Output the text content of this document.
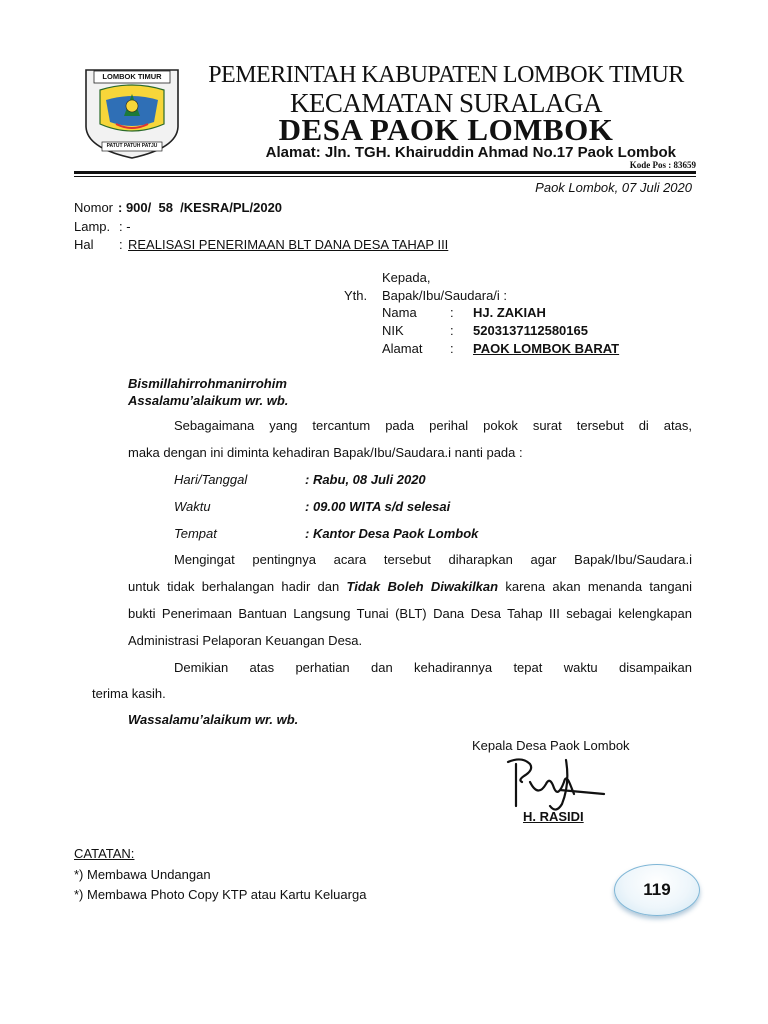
LOMBOK TIMUR
PATUT PATUH PATJU
PEMERINTAH KABUPATEN LOMBOK TIMUR
KECAMATAN SURALAGA
DESA PAOK LOMBOK
Alamat: Jln. TGH. Khairuddin Ahmad No.17 Paok Lombok
Kode Pos : 83659
Paok Lombok, 07 Juli 2020
Nomor : 900/  58  /KESRA/PL/2020
Lamp. : -
Hal : REALISASI PENERIMAAN BLT DANA DESA TAHAP III
Kepada,
Yth. Bapak/Ibu/Saudara/i :
Nama	: HJ. ZAKIAH
NIK	: 5203137112580165
Alamat : PAOK LOMBOK BARAT
Bismillahirrohmanirrohim
Assalamu’alaikum wr. wb.
Sebagaimana yang tercantum pada perihal pokok surat tersebut di atas,
maka dengan ini diminta kehadiran Bapak/Ibu/Saudara.i nanti pada :
Hari/Tanggal	: Rabu, 08 Juli 2020
Waktu	: 09.00 WITA s/d selesai
Tempat	: Kantor Desa Paok Lombok
Mengingat pentingnya acara tersebut diharapkan agar Bapak/Ibu/Saudara.i
untuk tidak berhalangan hadir dan Tidak Boleh Diwakilkan karena akan menanda tangani
bukti Penerimaan Bantuan Langsung Tunai (BLT) Dana Desa Tahap III sebagai kelengkapan
Administrasi Pelaporan Keuangan Desa.
Demikian atas perhatian dan kehadirannya tepat waktu disampaikan
terima kasih.
Wassalamu’alaikum wr. wb.
Kepala Desa Paok Lombok
H. RASIDI
CATATAN:
*) Membawa Undangan
*) Membawa Photo Copy KTP atau Kartu Keluarga	119
